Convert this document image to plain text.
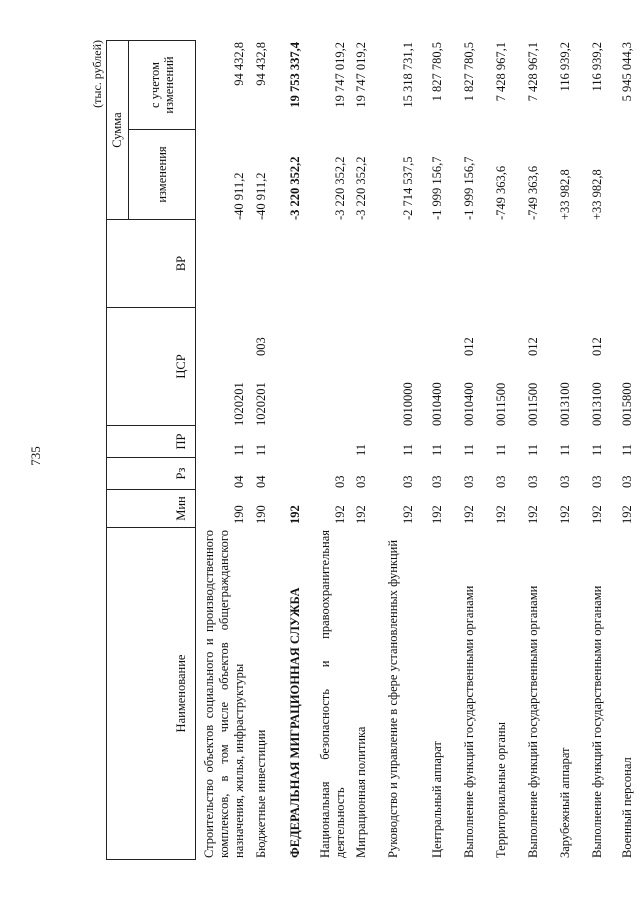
735
(тыс. рублей)
Наименование
Мин
Рз
ПР
ЦСР
ВР
Сумма
изменения
с учетом изменений
Строительство объектов социального и производственного комплексов, в том числе объектов общегражданского назначения, жилья, инфраструктуры
190
04
11
1020201
-40 911,2
94 432,8
Бюджетные инвестиции
190
04
11
1020201
003
-40 911,2
94 432,8
ФЕДЕРАЛЬНАЯ МИГРАЦИОННАЯ СЛУЖБА
192
-3 220 352,2
19 753 337,4
Национальная безопасность и правоохранительная деятельность
192
03
-3 220 352,2
19 747 019,2
Миграционная политика
192
03
11
-3 220 352,2
19 747 019,2
Руководство и управление в сфере установленных функций
192
03
11
0010000
-2 714 537,5
15 318 731,1
Центральный аппарат
192
03
11
0010400
-1 999 156,7
1 827 780,5
Выполнение функций государственными органами
192
03
11
0010400
012
-1 999 156,7
1 827 780,5
Территориальные органы
192
03
11
0011500
-749 363,6
7 428 967,1
Выполнение функций государственными органами
192
03
11
0011500
012
-749 363,6
7 428 967,1
Зарубежный аппарат
192
03
11
0013100
+33 982,8
116 939,2
Выполнение функций государственными органами
192
03
11
0013100
012
+33 982,8
116 939,2
Военный персонал
192
03
11
0015800
5 945 044,3
